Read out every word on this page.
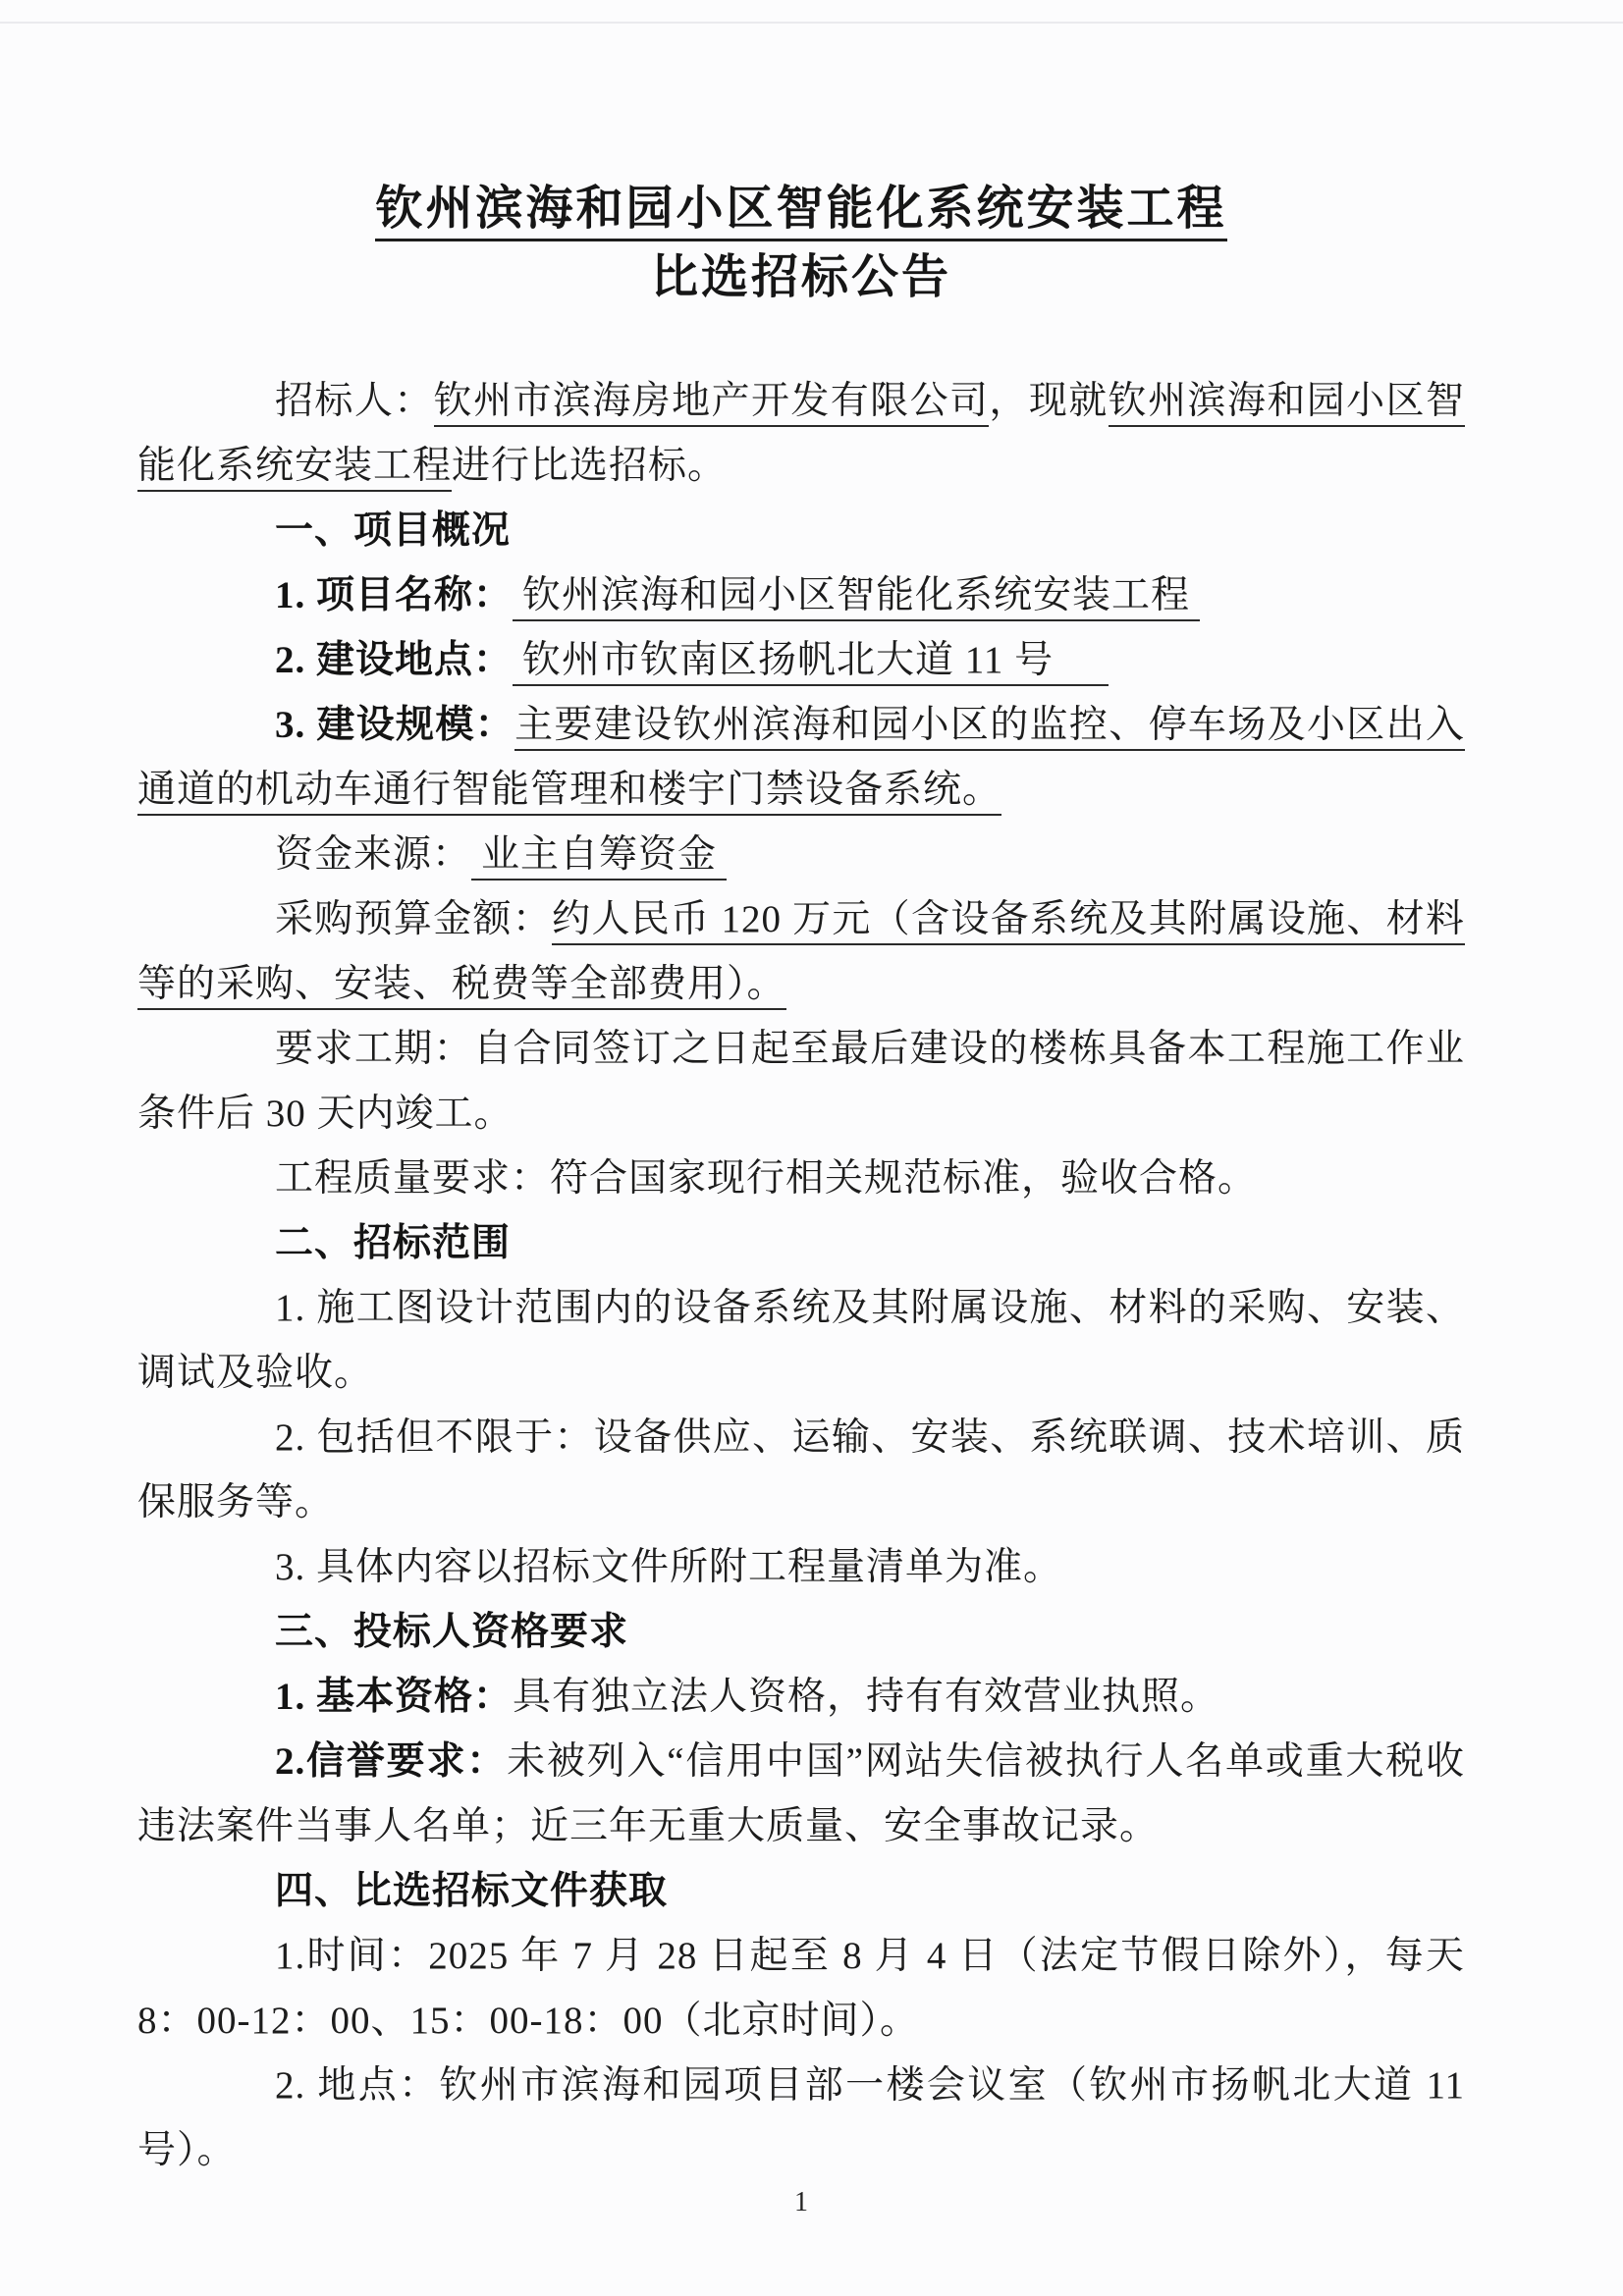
钦州滨海和园小区智能化系统安装工程
比选招标公告

招标人：钦州市滨海房地产开发有限公司，现就钦州滨海和园小区智能化系统安装工程进行比选招标。

一、项目概况

1. 项目名称： 钦州滨海和园小区智能化系统安装工程

2. 建设地点： 钦州市钦南区扬帆北大道 11 号

3. 建设规模：主要建设钦州滨海和园小区的监控、停车场及小区出入通道的机动车通行智能管理和楼宇门禁设备系统。

资金来源： 业主自筹资金

采购预算金额：约人民币 120 万元（含设备系统及其附属设施、材料等的采购、安装、税费等全部费用）。

要求工期：自合同签订之日起至最后建设的楼栋具备本工程施工作业条件后 30 天内竣工。

工程质量要求：符合国家现行相关规范标准，验收合格。

二、招标范围

1. 施工图设计范围内的设备系统及其附属设施、材料的采购、安装、调试及验收。

2. 包括但不限于：设备供应、运输、安装、系统联调、技术培训、质保服务等。

3. 具体内容以招标文件所附工程量清单为准。

三、投标人资格要求

1. 基本资格：具有独立法人资格，持有有效营业执照。

2.信誉要求：未被列入“信用中国”网站失信被执行人名单或重大税收违法案件当事人名单；近三年无重大质量、安全事故记录。

四、比选招标文件获取

1.时间：2025 年 7 月 28 日起至 8 月 4 日（法定节假日除外），每天 8：00-12：00、15：00-18：00（北京时间）。

2. 地点：钦州市滨海和园项目部一楼会议室（钦州市扬帆北大道 11 号）。

1
